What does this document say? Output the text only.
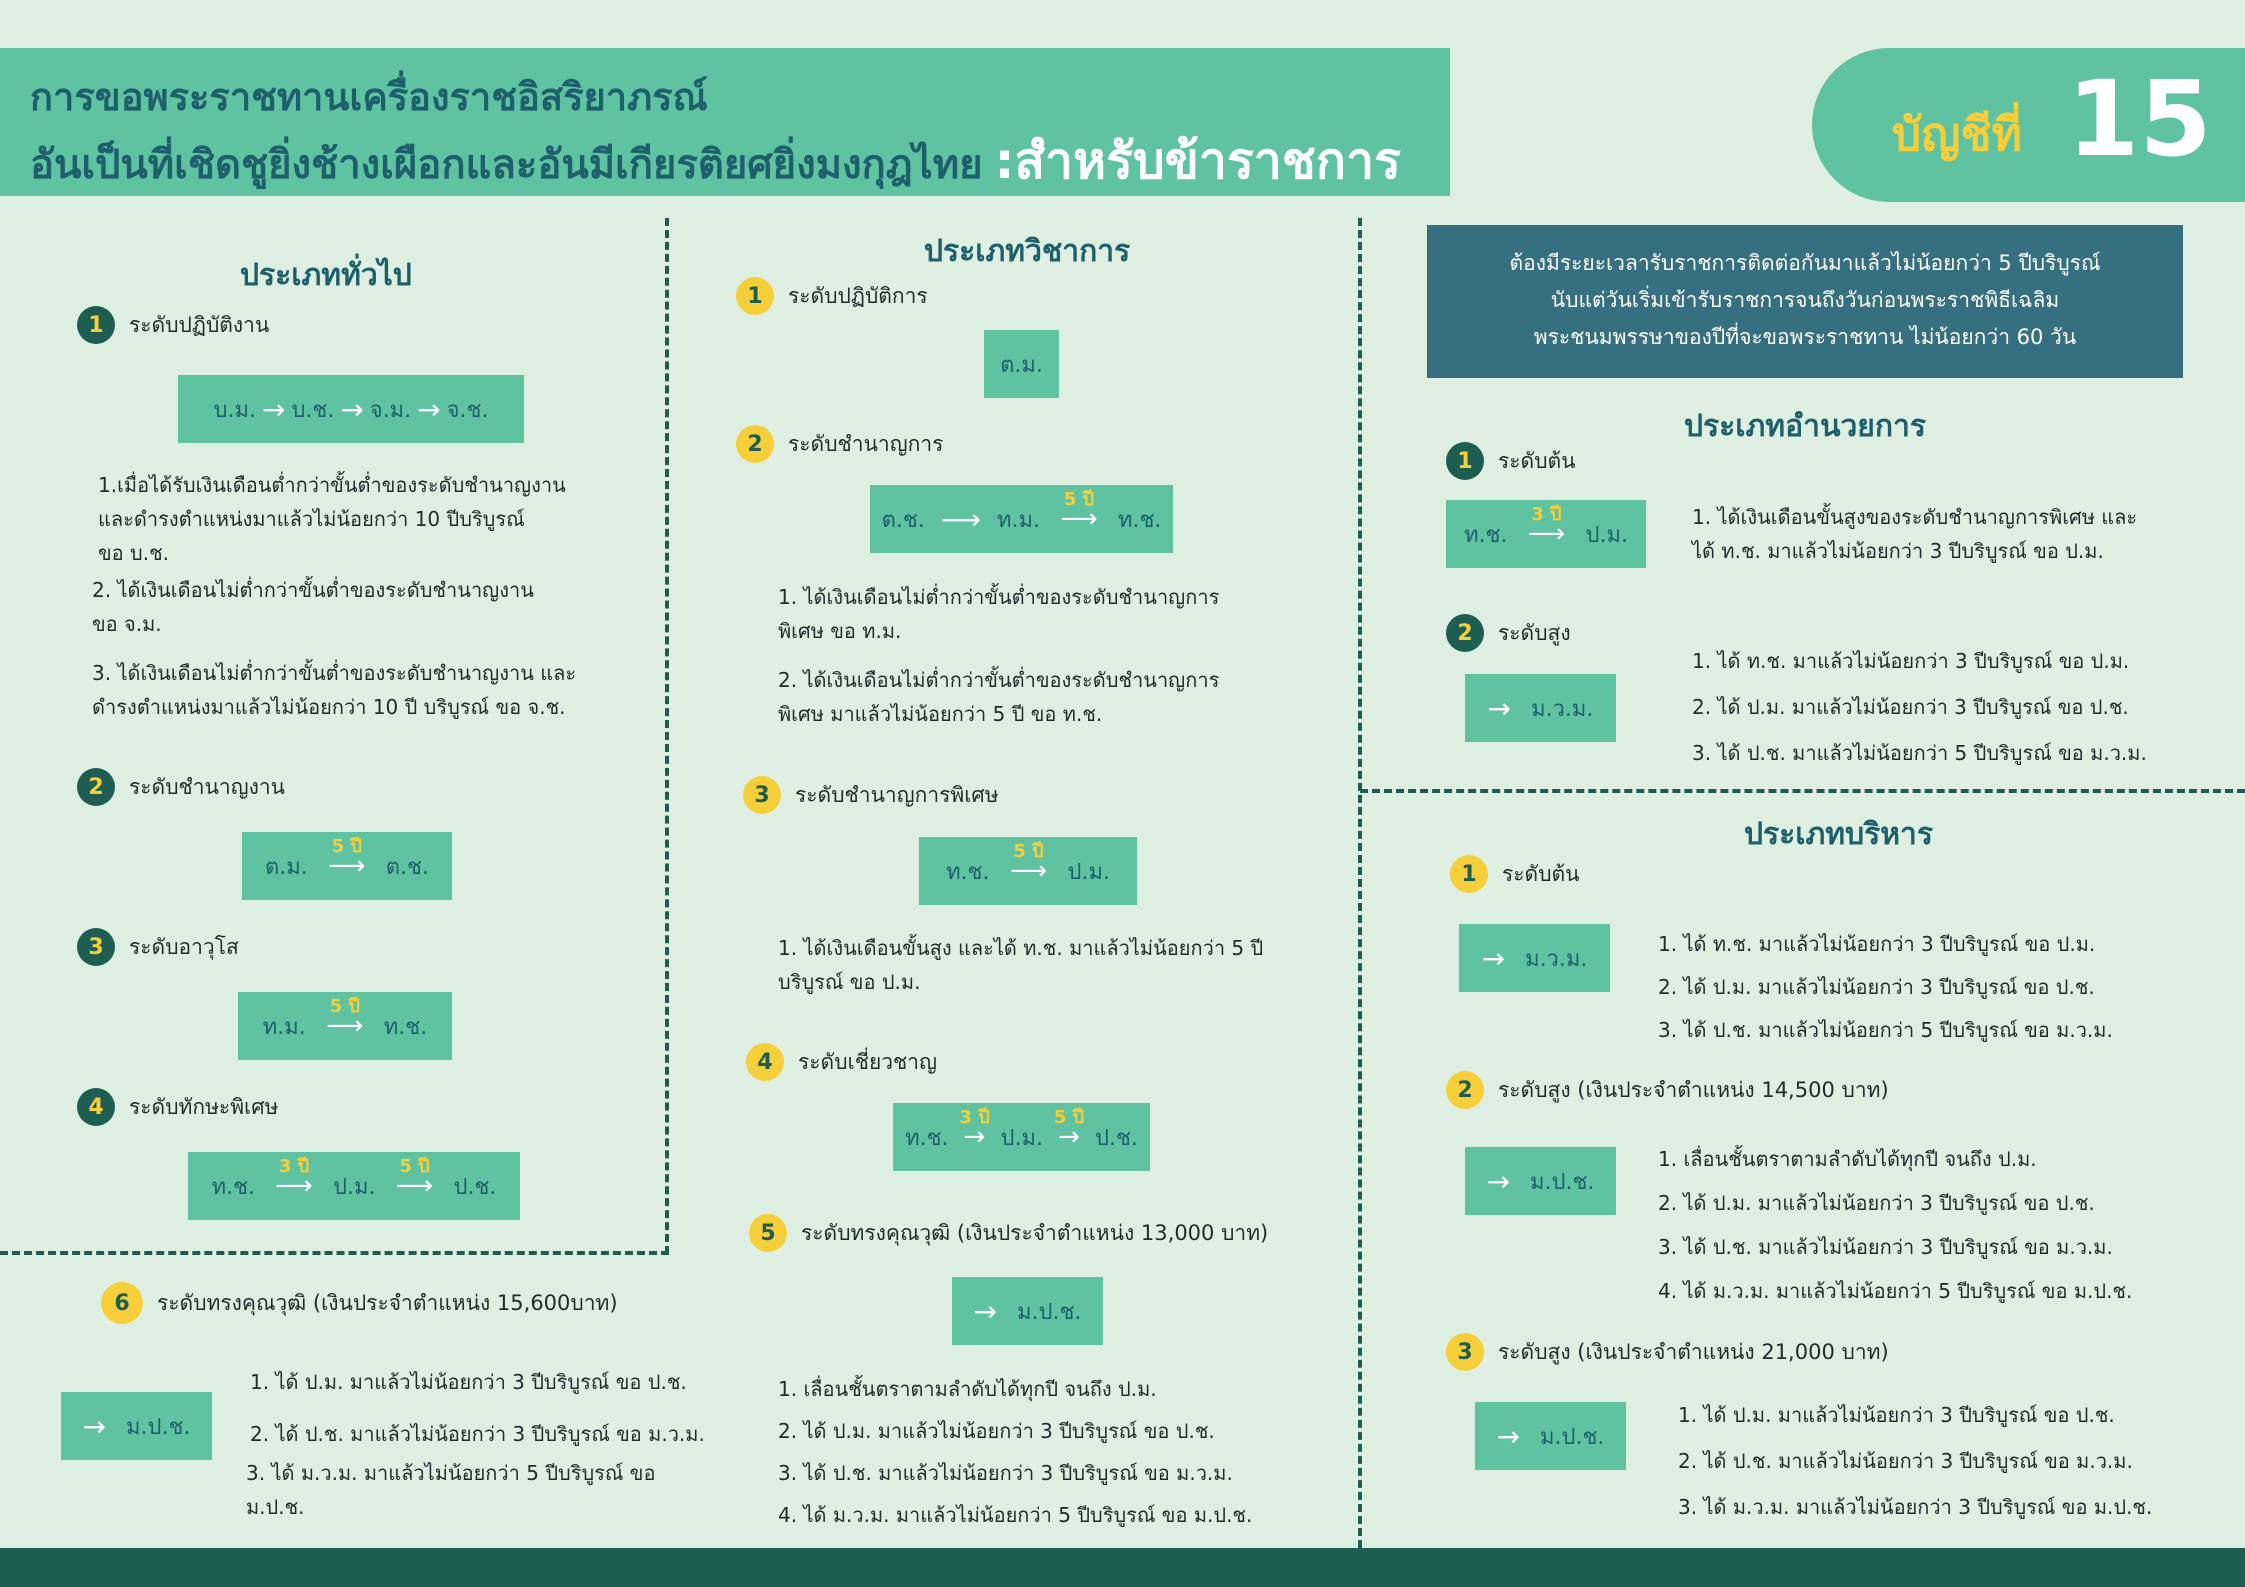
การขอพระราชทานเครื่องราชอิสริยาภรณ์
อันเป็นที่เชิดชูยิ่งช้างเผือกและอันมีเกียรติยศยิ่งมงกุฎไทย :สำหรับข้าราชการ	บัญชีที่ 15
ประเภททั่วไป
1	ระดับปฏิบัติงาน
บ.ม. → บ.ช. → จ.ม. → จ.ช.
1.เมื่อได้รับเงินเดือนต่ำกว่าขั้นต่ำของระดับชำนาญงาน
และดำรงตำแหน่งมาแล้วไม่น้อยกว่า 10 ปีบริบูรณ์
ขอ บ.ช.
2. ได้เงินเดือนไม่ต่ำกว่าขั้นต่ำของระดับชำนาญงาน
ขอ จ.ม.
3. ได้เงินเดือนไม่ต่ำกว่าขั้นต่ำของระดับชำนาญงาน และ
ดำรงตำแหน่งมาแล้วไม่น้อยกว่า 10 ปี บริบูรณ์ ขอ จ.ช.
2	ระดับชำนาญงาน
ต.ม.
5 ปี
⟶ ต.ช.
3	ระดับอาวุโส
ท.ม.
5 ปี
⟶ ท.ช.
4	ระดับทักษะพิเศษ
ท.ช.
3 ปี
⟶ ป.ม.
5 ปี
⟶ ป.ช.
6	ระดับทรงคุณวุฒิ (เงินประจำตำแหน่ง 15,600บาท)
→ ม.ป.ช.
1. ได้ ป.ม. มาแล้วไม่น้อยกว่า 3 ปีบริบูรณ์ ขอ ป.ช.
2. ได้ ป.ช. มาแล้วไม่น้อยกว่า 3 ปีบริบูรณ์ ขอ ม.ว.ม.
3. ได้ ม.ว.ม. มาแล้วไม่น้อยกว่า 5 ปีบริบูรณ์ ขอ
ม.ป.ช.
ประเภทวิชาการ
1	ระดับปฏิบัติการ
ต.ม.
2	ระดับชำนาญการ
ต.ช. ⟶ ท.ม.
5 ปี
⟶ ท.ช.
1. ได้เงินเดือนไม่ต่ำกว่าขั้นต่ำของระดับชำนาญการ
พิเศษ ขอ ท.ม.
2. ได้เงินเดือนไม่ต่ำกว่าขั้นต่ำของระดับชำนาญการ
พิเศษ มาแล้วไม่น้อยกว่า 5 ปี ขอ ท.ช.
3	ระดับชำนาญการพิเศษ
ท.ช.
5 ปี
⟶ ป.ม.
1. ได้เงินเดือนขั้นสูง และได้ ท.ช. มาแล้วไม่น้อยกว่า 5 ปี
บริบูรณ์ ขอ ป.ม.
4	ระดับเชี่ยวชาญ
ท.ช.
3 ปี
→ ป.ม.
5 ปี
→ ป.ช.
5	ระดับทรงคุณวุฒิ (เงินประจำตำแหน่ง 13,000 บาท)
→ ม.ป.ช.
1. เลื่อนชั้นตราตามลำดับได้ทุกปี จนถึง ป.ม.
2. ได้ ป.ม. มาแล้วไม่น้อยกว่า 3 ปีบริบูรณ์ ขอ ป.ช.
3. ได้ ป.ช. มาแล้วไม่น้อยกว่า 3 ปีบริบูรณ์ ขอ ม.ว.ม.
4. ได้ ม.ว.ม. มาแล้วไม่น้อยกว่า 5 ปีบริบูรณ์ ขอ ม.ป.ช.
ต้องมีระยะเวลารับราชการติดต่อกันมาแล้วไม่น้อยกว่า 5 ปีบริบูรณ์
นับแต่วันเริ่มเข้ารับราชการจนถึงวันก่อนพระราชพิธีเฉลิม
พระชนมพรรษาของปีที่จะขอพระราชทาน ไม่น้อยกว่า 60 วัน
ประเภทอำนวยการ
1	ระดับต้น
ท.ช.
3 ปี
⟶ ป.ม.
1. ได้เงินเดือนขั้นสูงของระดับชำนาญการพิเศษ และ
ได้ ท.ช. มาแล้วไม่น้อยกว่า 3 ปีบริบูรณ์ ขอ ป.ม.
2	ระดับสูง
→ ม.ว.ม.
1. ได้ ท.ช. มาแล้วไม่น้อยกว่า 3 ปีบริบูรณ์ ขอ ป.ม.
2. ได้ ป.ม. มาแล้วไม่น้อยกว่า 3 ปีบริบูรณ์ ขอ ป.ช.
3. ได้ ป.ช. มาแล้วไม่น้อยกว่า 5 ปีบริบูรณ์ ขอ ม.ว.ม.
ประเภทบริหาร
1	ระดับต้น
→ ม.ว.ม.
1. ได้ ท.ช. มาแล้วไม่น้อยกว่า 3 ปีบริบูรณ์ ขอ ป.ม.
2. ได้ ป.ม. มาแล้วไม่น้อยกว่า 3 ปีบริบูรณ์ ขอ ป.ช.
3. ได้ ป.ช. มาแล้วไม่น้อยกว่า 5 ปีบริบูรณ์ ขอ ม.ว.ม.
2	ระดับสูง (เงินประจำตำแหน่ง 14,500 บาท)
→ ม.ป.ช.
1. เลื่อนชั้นตราตามลำดับได้ทุกปี จนถึง ป.ม.
2. ได้ ป.ม. มาแล้วไม่น้อยกว่า 3 ปีบริบูรณ์ ขอ ป.ช.
3. ได้ ป.ช. มาแล้วไม่น้อยกว่า 3 ปีบริบูรณ์ ขอ ม.ว.ม.
4. ได้ ม.ว.ม. มาแล้วไม่น้อยกว่า 5 ปีบริบูรณ์ ขอ ม.ป.ช.
3	ระดับสูง (เงินประจำตำแหน่ง 21,000 บาท)
→ ม.ป.ช.
1. ได้ ป.ม. มาแล้วไม่น้อยกว่า 3 ปีบริบูรณ์ ขอ ป.ช.
2. ได้ ป.ช. มาแล้วไม่น้อยกว่า 3 ปีบริบูรณ์ ขอ ม.ว.ม.
3. ได้ ม.ว.ม. มาแล้วไม่น้อยกว่า 3 ปีบริบูรณ์ ขอ ม.ป.ช.
